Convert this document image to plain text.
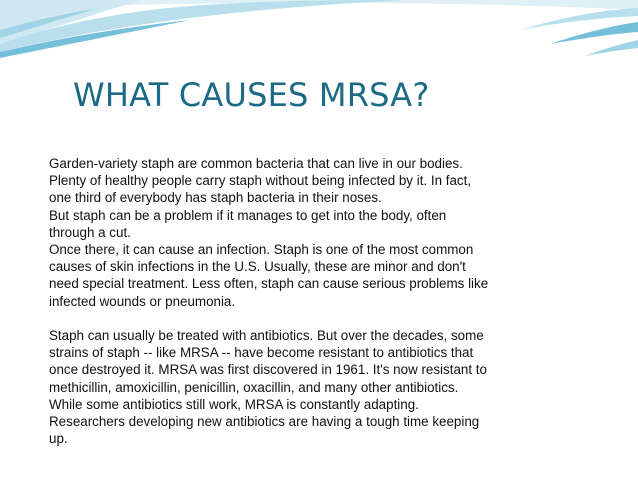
WHAT CAUSES MRSA?

Garden-variety staph are common bacteria that can live in our bodies.

Plenty of healthy people carry staph without being infected by it. In fact,

one third of everybody has staph bacteria in their noses.

But staph can be a problem if it manages to get into the body, often

through a cut.

Once there, it can cause an infection. Staph is one of the most common

causes of skin infections in the U.S. Usually, these are minor and don't

need special treatment. Less often, staph can cause serious problems like

infected wounds or pneumonia.

Staph can usually be treated with antibiotics. But over the decades, some

strains of staph -- like MRSA -- have become resistant to antibiotics that

once destroyed it. MRSA was first discovered in 1961. It's now resistant to

methicillin, amoxicillin, penicillin, oxacillin, and many other antibiotics.

While some antibiotics still work, MRSA is constantly adapting.

Researchers developing new antibiotics are having a tough time keeping

up.
